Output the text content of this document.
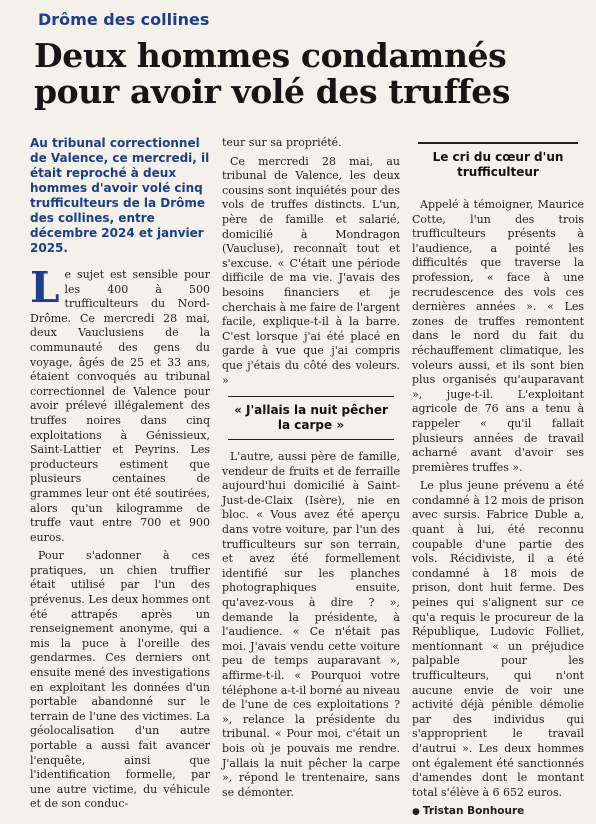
Drôme des collines
Deux hommes condamnés pour avoir volé des truffes

Au tribunal correctionnel de Valence, ce mercredi, il était reproché à deux hommes d'avoir volé cinq trufficulteurs de la Drôme des collines, entre décembre 2024 et janvier 2025.

Le sujet est sensible pour les 400 à 500 trufficulteurs du Nord-Drôme. Ce mercredi 28 mai, deux Vauclusiens de la communauté des gens du voyage, âgés de 25 et 33 ans, étaient convoqués au tribunal correctionnel de Valence pour avoir prélevé illégalement des truffes noires dans cinq exploitations à Génissieux, Saint-Lattier et Peyrins. Les producteurs estiment que plusieurs centaines de grammes leur ont été soutirées, alors qu'un kilogramme de truffe vaut entre 700 et 900 euros.

Pour s'adonner à ces pratiques, un chien truffier était utilisé par l'un des prévenus. Les deux hommes ont été attrapés après un renseignement anonyme, qui a mis la puce à l'oreille des gendarmes. Ces derniers ont ensuite mené des investigations en exploitant les données d'un portable abandonné sur le terrain de l'une des victimes. La géolocalisation d'un autre portable a aussi fait avancer l'enquête, ainsi que l'identification formelle, par une autre victime, du véhicule et de son conduc-

teur sur sa propriété.

Ce mercredi 28 mai, au tribunal de Valence, les deux cousins sont inquiétés pour des vols de truffes distincts. L'un, père de famille et salarié, domicilié à Mondragon (Vaucluse), reconnaît tout et s'excuse. « C'était une période difficile de ma vie. J'avais des besoins financiers et je cherchais à me faire de l'argent facile, explique-t-il à la barre. C'est lorsque j'ai été placé en garde à vue que j'ai compris que j'étais du côté des voleurs. »

« J'allais la nuit pêcher la carpe »

L'autre, aussi père de famille, vendeur de fruits et de ferraille aujourd'hui domicilié à Saint-Just-de-Claix (Isère), nie en bloc. « Vous avez été aperçu dans votre voiture, par l'un des trufficulteurs sur son terrain, et avez été formellement identifié sur les planches photographiques ensuite, qu'avez-vous à dire ? », demande la présidente, à l'audience. « Ce n'était pas moi. J'avais vendu cette voiture peu de temps auparavant », affirme-t-il. « Pourquoi votre téléphone a-t-il borné au niveau de l'une de ces exploitations ? », relance la présidente du tribunal. « Pour moi, c'était un bois où je pouvais me rendre. J'allais la nuit pêcher la carpe », répond le trentenaire, sans se démonter.

Le cri du cœur d'un trufficulteur

Appelé à témoigner, Maurice Cotte, l'un des trois trufficulteurs présents à l'audience, a pointé les difficultés que traverse la profession, « face à une recrudescence des vols ces dernières années ». « Les zones de truffes remontent dans le nord du fait du réchauffement climatique, les voleurs aussi, et ils sont bien plus organisés qu'auparavant », juge-t-il. L'exploitant agricole de 76 ans a tenu à rappeler « qu'il fallait plusieurs années de travail acharné avant d'avoir ses premières truffes ».

Le plus jeune prévenu a été condamné à 12 mois de prison avec sursis. Fabrice Duble a, quant à lui, été reconnu coupable d'une partie des vols. Récidiviste, il a été condamné à 18 mois de prison, dont huit ferme. Des peines qui s'alignent sur ce qu'a requis le procureur de la République, Ludovic Folliet, mentionnant « un préjudice palpable pour les trufficulteurs, qui n'ont aucune envie de voir une activité déjà pénible démolie par des individus qui s'approprient le travail d'autrui ». Les deux hommes ont également été sanctionnés d'amendes dont le montant total s'élève à 6 652 euros.

● Tristan Bonhoure
